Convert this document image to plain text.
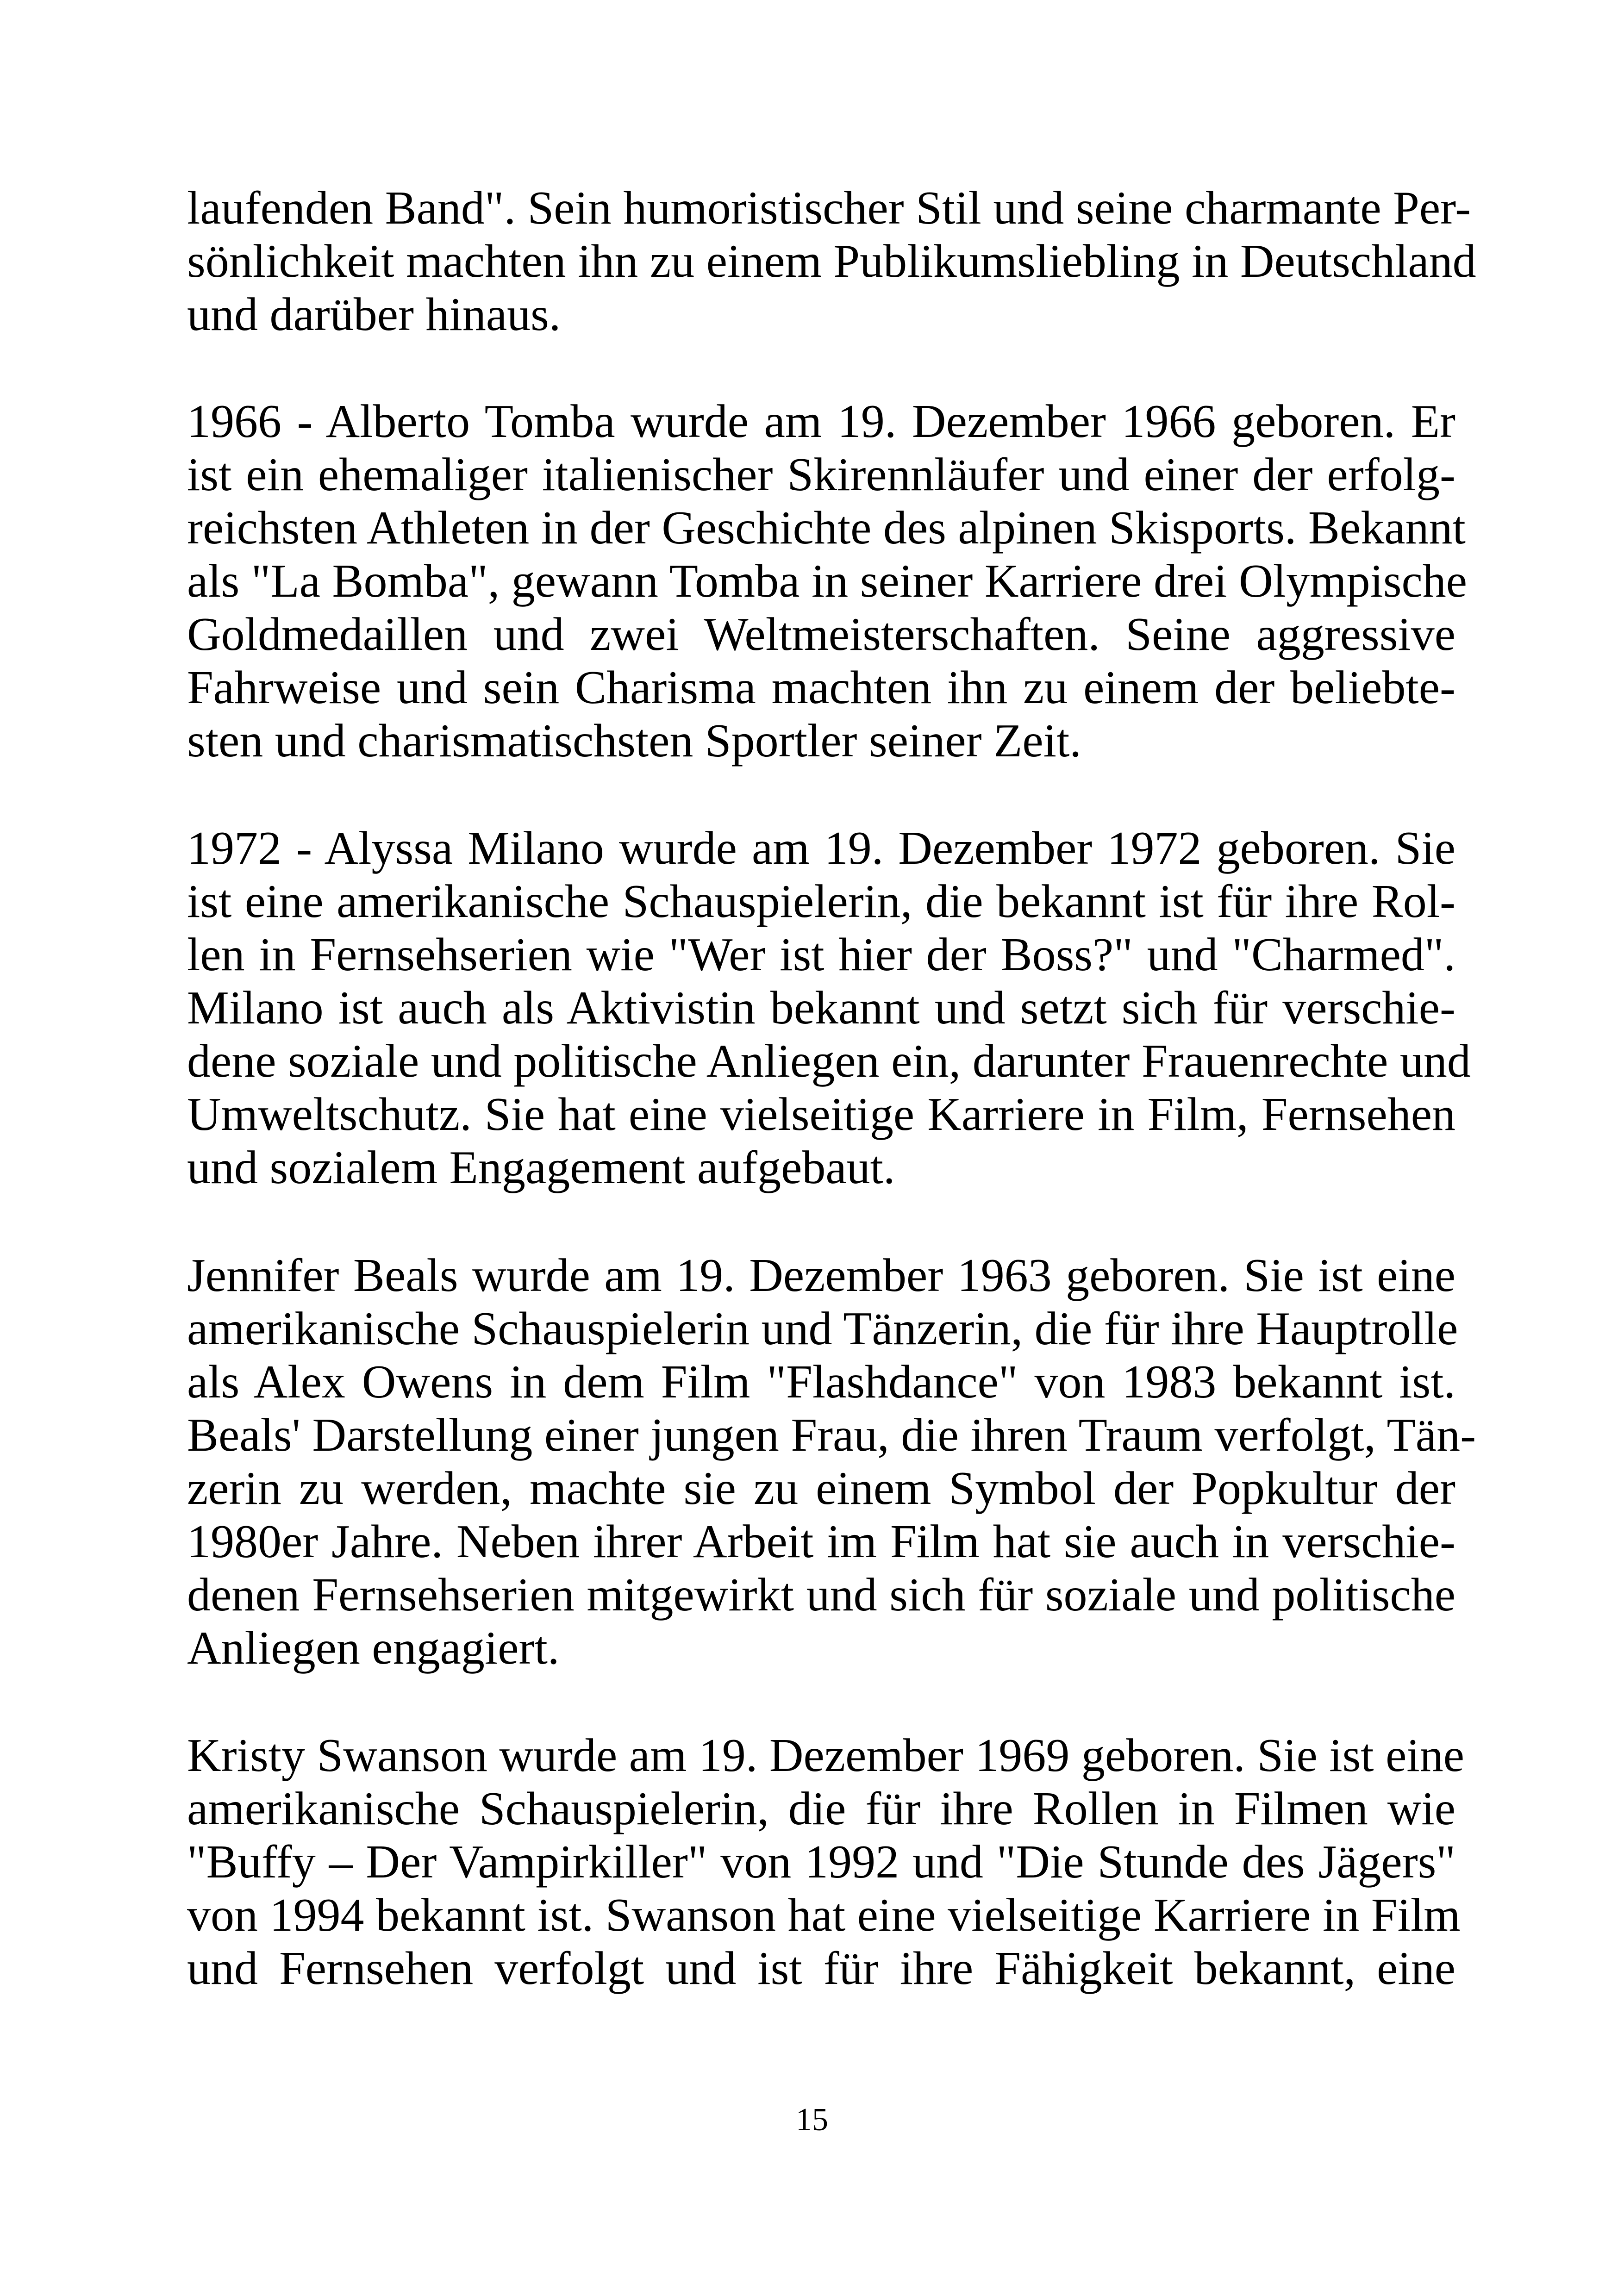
laufenden Band". Sein humoristischer Stil und seine charmante Per-
sönlichkeit machten ihn zu einem Publikumsliebling in Deutschland
und darüber hinaus.
1966 - Alberto Tomba wurde am 19. Dezember 1966 geboren. Er
ist ein ehemaliger italienischer Skirennläufer und einer der erfolg-
reichsten Athleten in der Geschichte des alpinen Skisports. Bekannt
als "La Bomba", gewann Tomba in seiner Karriere drei Olympische
Goldmedaillen und zwei Weltmeisterschaften. Seine aggressive
Fahrweise und sein Charisma machten ihn zu einem der beliebte-
sten und charismatischsten Sportler seiner Zeit.
1972 - Alyssa Milano wurde am 19. Dezember 1972 geboren. Sie
ist eine amerikanische Schauspielerin, die bekannt ist für ihre Rol-
len in Fernsehserien wie "Wer ist hier der Boss?" und "Charmed".
Milano ist auch als Aktivistin bekannt und setzt sich für verschie-
dene soziale und politische Anliegen ein, darunter Frauenrechte und
Umweltschutz. Sie hat eine vielseitige Karriere in Film, Fernsehen
und sozialem Engagement aufgebaut.
Jennifer Beals wurde am 19. Dezember 1963 geboren. Sie ist eine
amerikanische Schauspielerin und Tänzerin, die für ihre Hauptrolle
als Alex Owens in dem Film "Flashdance" von 1983 bekannt ist.
Beals' Darstellung einer jungen Frau, die ihren Traum verfolgt, Tän-
zerin zu werden, machte sie zu einem Symbol der Popkultur der
1980er Jahre. Neben ihrer Arbeit im Film hat sie auch in verschie-
denen Fernsehserien mitgewirkt und sich für soziale und politische
Anliegen engagiert.
Kristy Swanson wurde am 19. Dezember 1969 geboren. Sie ist eine
amerikanische Schauspielerin, die für ihre Rollen in Filmen wie
"Buffy – Der Vampirkiller" von 1992 und "Die Stunde des Jägers"
von 1994 bekannt ist. Swanson hat eine vielseitige Karriere in Film
und Fernsehen verfolgt und ist für ihre Fähigkeit bekannt, eine
15
